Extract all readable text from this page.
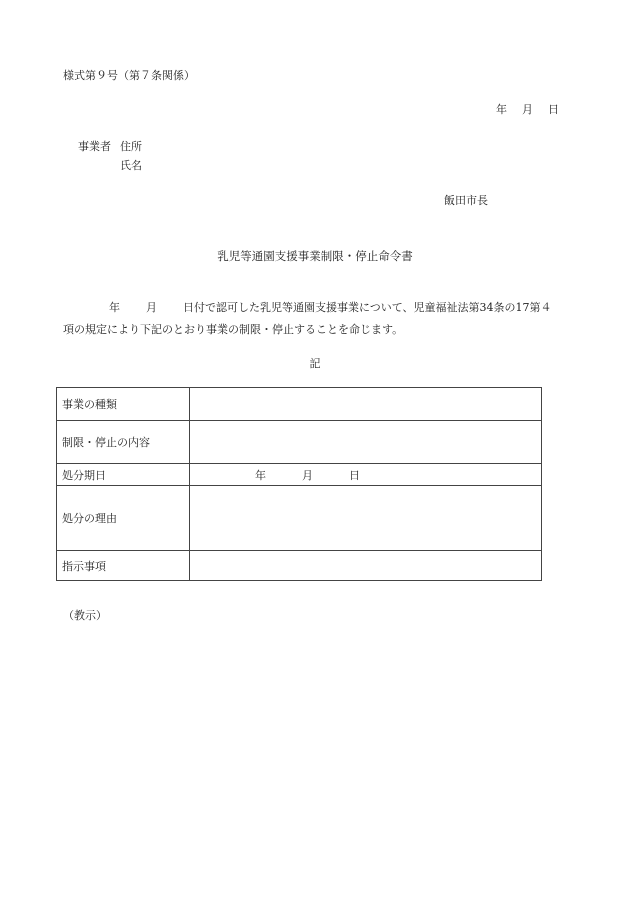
様式第９号（第７条関係）
年 月 日
事業者 住所
氏名
飯田市長
乳児等通園支援事業制限・停止命令書
年 月 日付で認可した乳児等通園支援事業について、児童福祉法第34条の17第４
項の規定により下記のとおり事業の制限・停止することを命じます。
記
事業の種類	
制限・停止の内容	
処分期日	年 月 日
処分の理由	
指示事項	
（教示）
